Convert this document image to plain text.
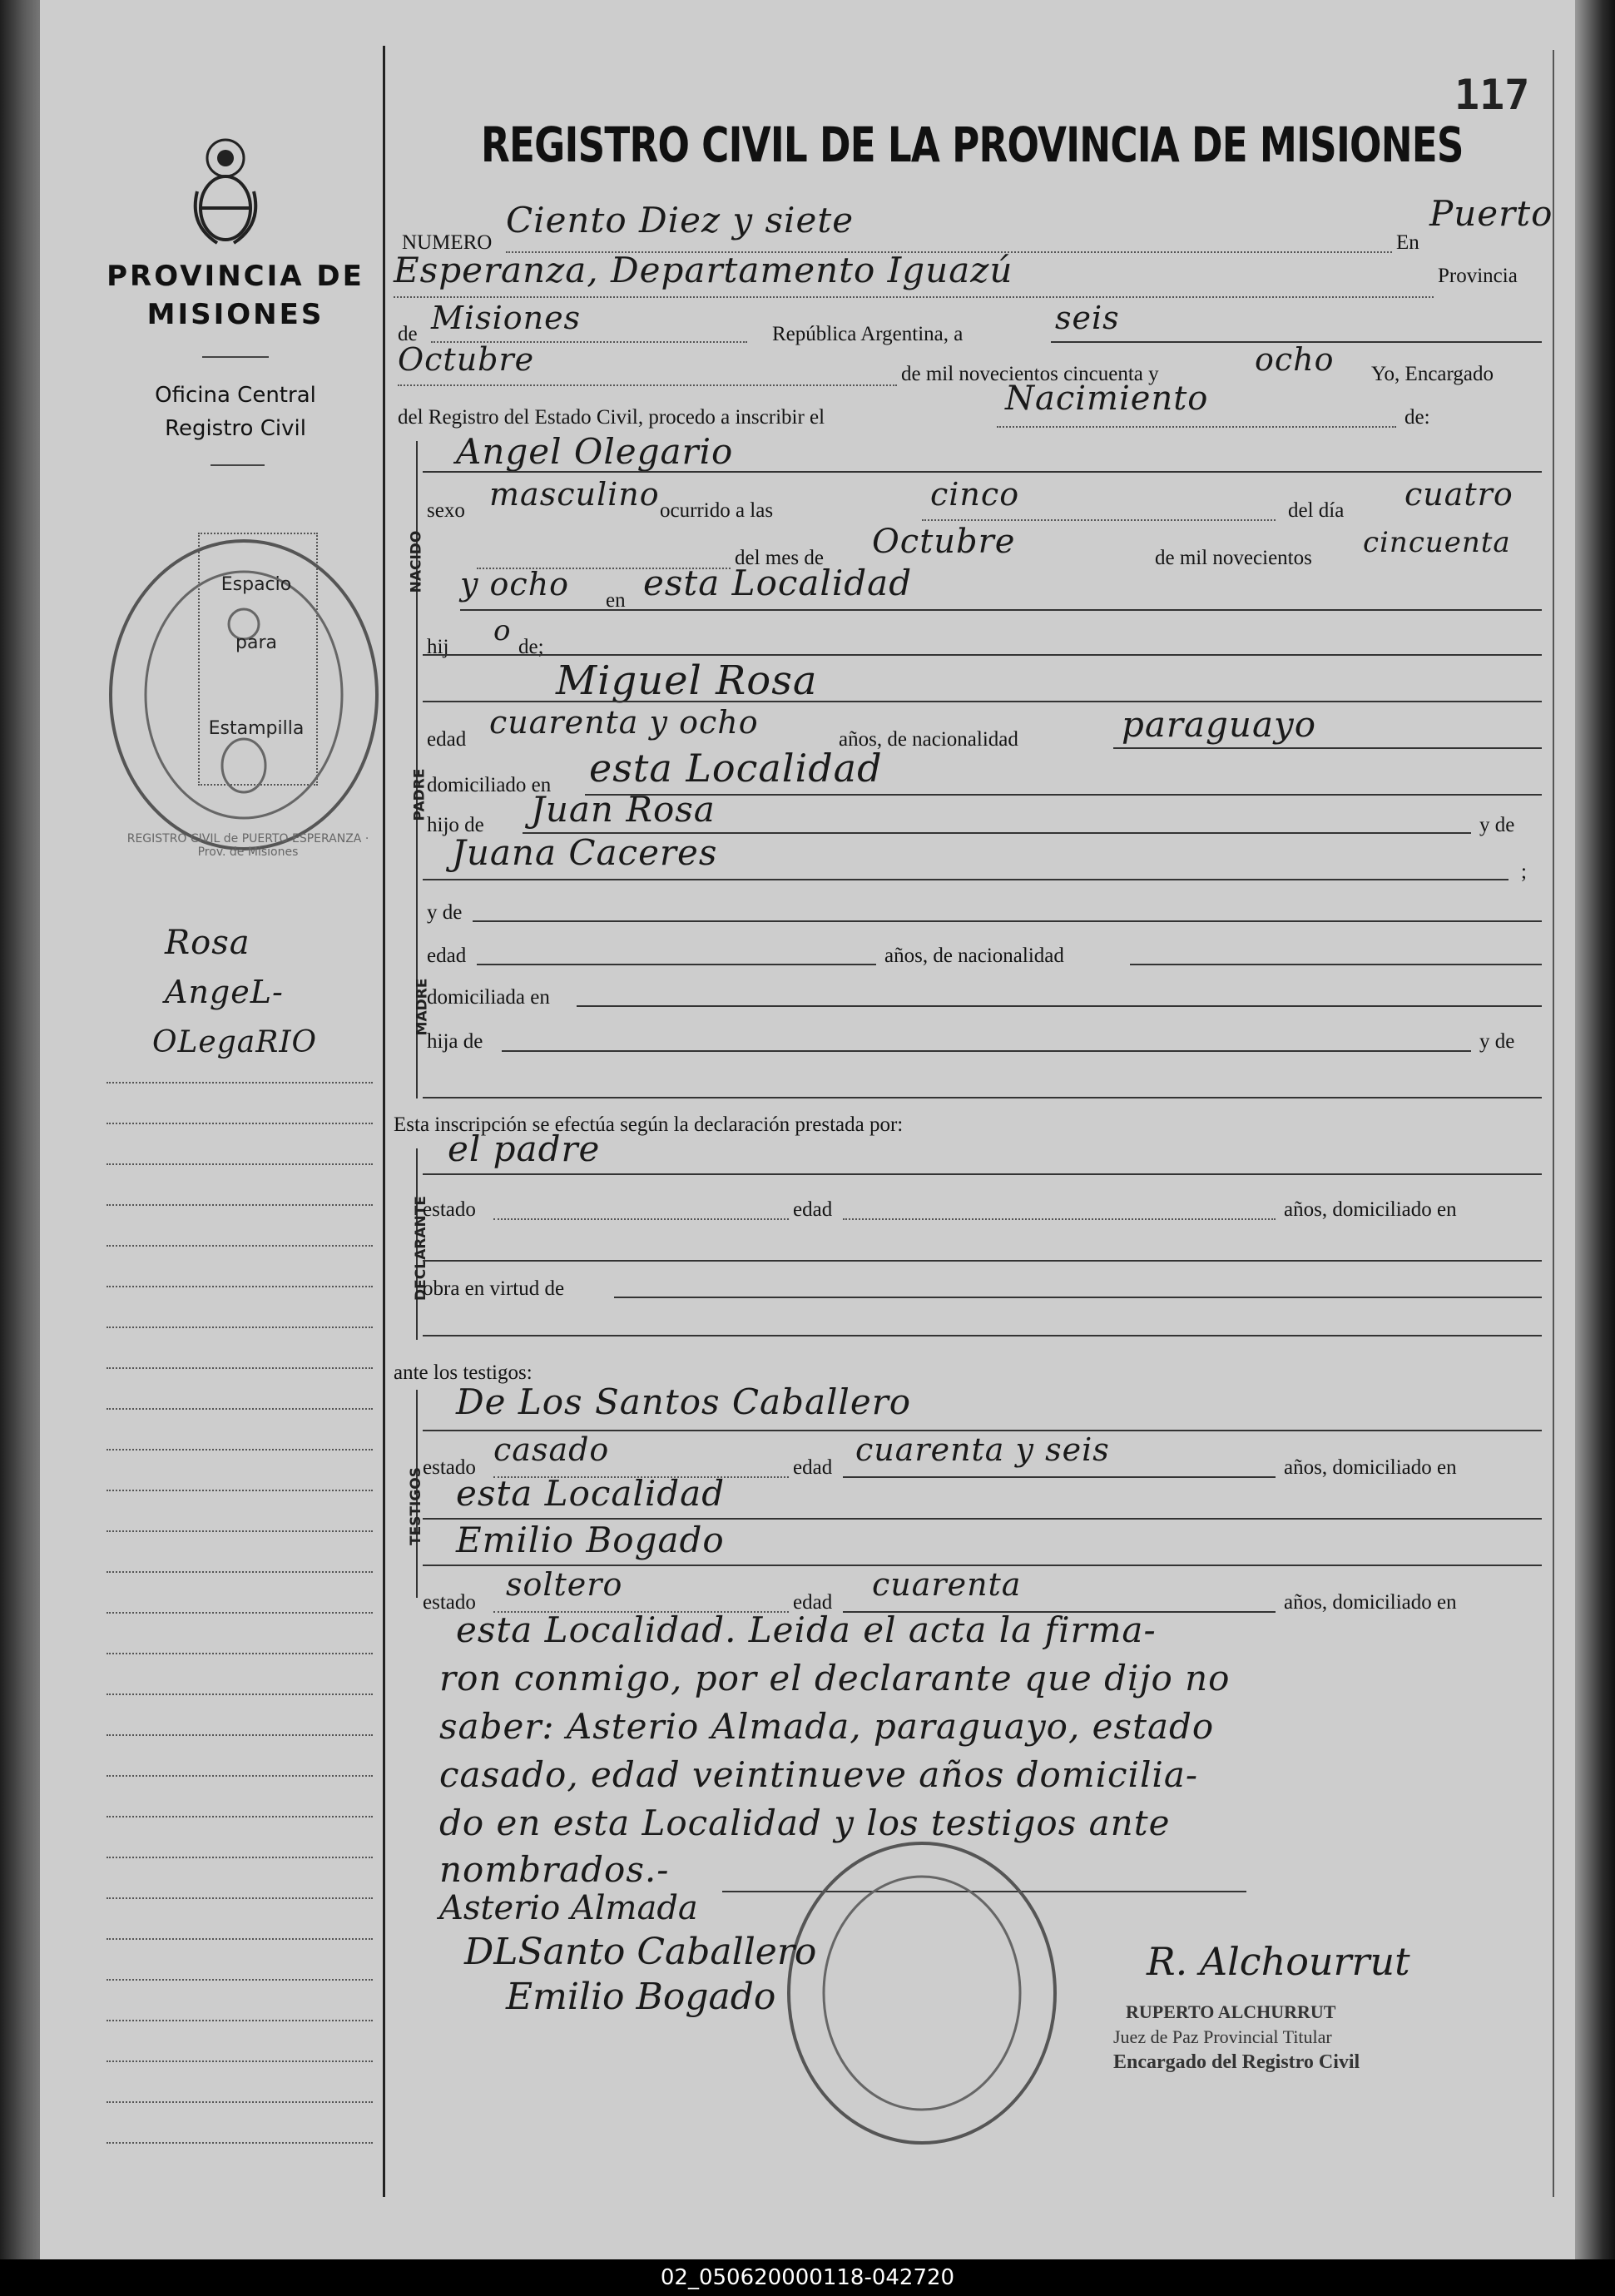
117
REGISTRO CIVIL DE LA PROVINCIA DE MISIONES
PROVINCIA DE
MISIONES
Oficina Central
Registro Civil
Espacio
para
Estampilla
REGISTRO CIVIL de PUERTO ESPERANZA · Prov. de Misiones
Rosa
AngeL-
OLegaRIO
NUMERO
Ciento Diez y siete
En
Puerto
Esperanza, Departamento Iguazú	Provincia
de Misiones	República Argentina, a	seis
Octubre	de mil novecientos cincuenta y	ocho Yo, Encargado
del Registro del Estado Civil, procedo a inscribir el	Nacimiento	de:
NACIDO
Angel Olegario
sexo masculino ocurrido a las	cinco	del día cuatro
del mes de Octubre	de mil novecientos cincuenta
y ocho en esta Localidad
hij o de;
PADRE
Miguel Rosa
edad cuarenta y ocho	años, de nacionalidad	paraguayo
domiciliado en esta Localidad
hijo de Juan Rosa	y de
Juana Caceres	;
MADRE
y de
edad	años, de nacionalidad
domiciliada en
hija de	y de
Esta inscripción se efectúa según la declaración prestada por:
DECLARANTE
el padre
estado	edad	años, domiciliado en
obra en virtud de
ante los testigos:
TESTIGOS
De Los Santos Caballero
estado casado	edad cuarenta y seis	años, domiciliado en
esta Localidad
Emilio Bogado
estado soltero	edad cuarenta	años, domiciliado en
esta Localidad. Leida el acta la firma-
ron conmigo, por el declarante que dijo no
saber: Asterio Almada, paraguayo, estado
casado, edad veintinueve años domicilia-
do en esta Localidad y los testigos ante
nombrados.-
Asterio Almada
DLSanto Caballero
Emilio Bogado
R. Alchourrut
RUPERTO ALCHURRUT
Juez de Paz Provincial Titular
Encargado del Registro Civil
02_050620000118-042720
